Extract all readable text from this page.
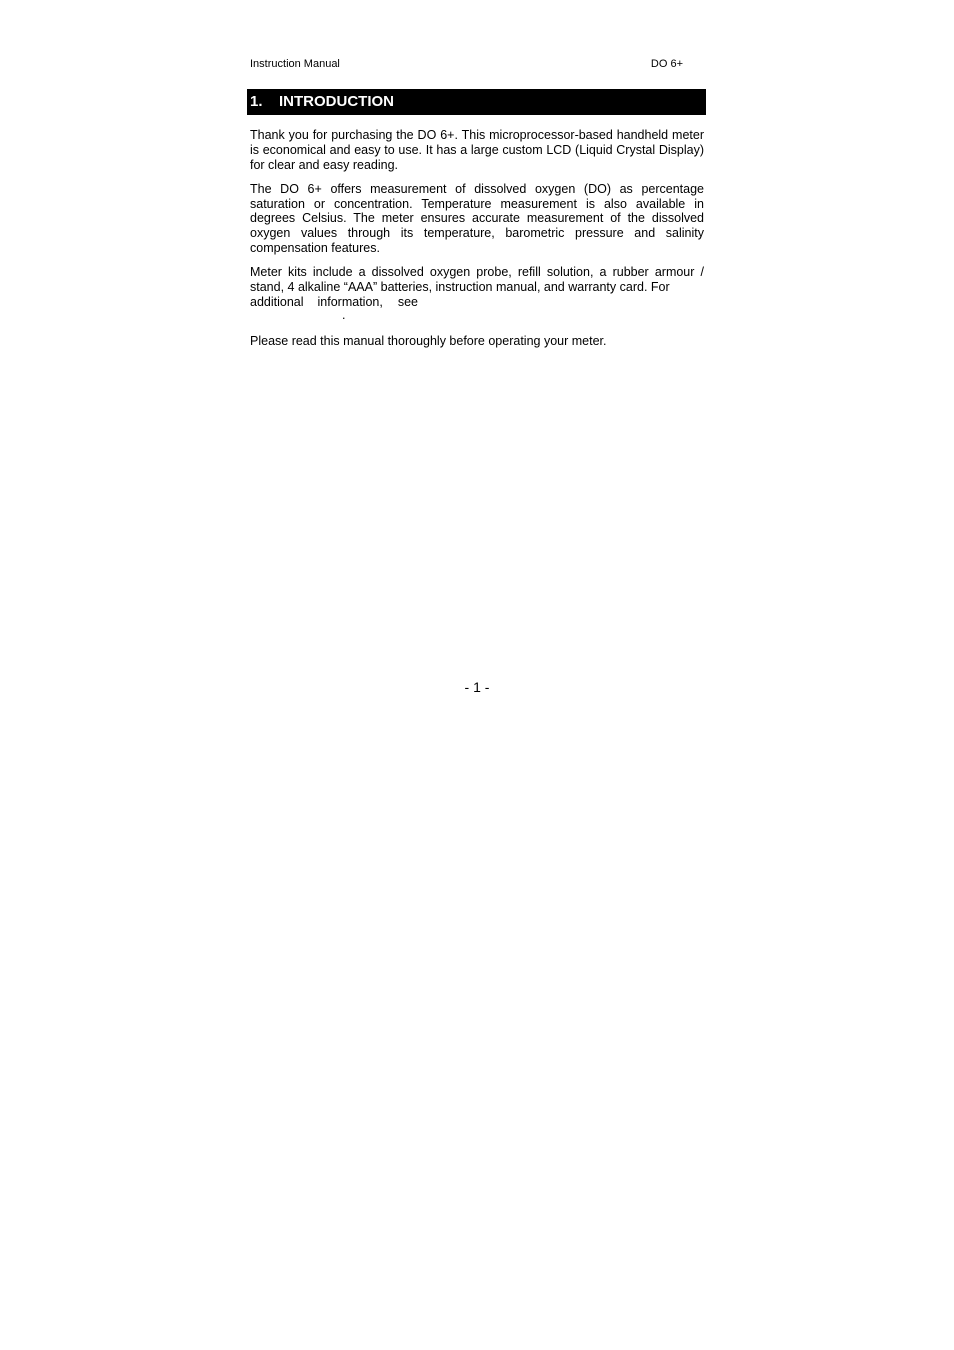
Instruction Manual	DO 6+
1. INTRODUCTION

Thank you for purchasing the DO 6+. This microprocessor-based handheld meter is economical and easy to use. It has a large custom LCD (Liquid Crystal Display) for clear and easy reading.

The DO 6+ offers measurement of dissolved oxygen (DO) as percentage saturation or concentration. Temperature measurement is also available in degrees Celsius. The meter ensures accurate measurement of the dissolved oxygen values through its temperature, barometric pressure and salinity compensation features.

Meter kits include a dissolved oxygen probe, refill solution, a rubber armour / stand, 4 alkaline “AAA” batteries, instruction manual, and warranty card. For
additional information, see

.

Please read this manual thoroughly before operating your meter.

- 1 -
